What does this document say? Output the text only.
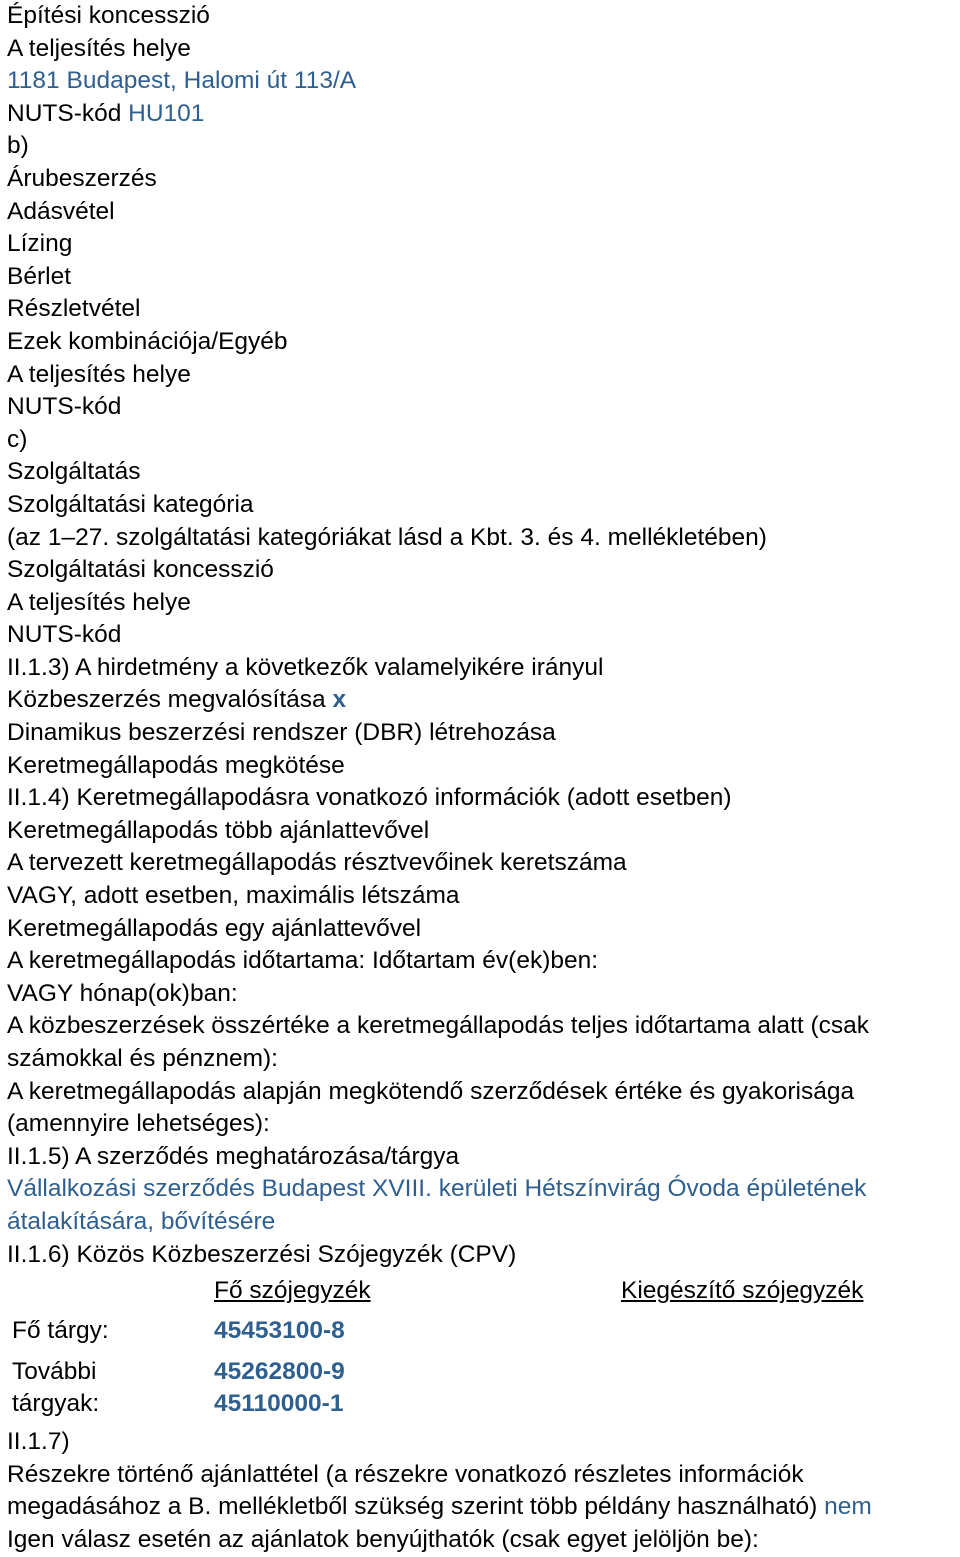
Építési koncesszió
A teljesítés helye
1181 Budapest, Halomi út 113/A
NUTS-kód HU101
b)
Árubeszerzés
Adásvétel
Lízing
Bérlet
Részletvétel
Ezek kombinációja/Egyéb
A teljesítés helye
NUTS-kód
c)
Szolgáltatás
Szolgáltatási kategória
(az 1–27. szolgáltatási kategóriákat lásd a Kbt. 3. és 4. mellékletében)
Szolgáltatási koncesszió
A teljesítés helye
NUTS-kód
II.1.3) A hirdetmény a következők valamelyikére irányul
Közbeszerzés megvalósítása x
Dinamikus beszerzési rendszer (DBR) létrehozása
Keretmegállapodás megkötése
II.1.4) Keretmegállapodásra vonatkozó információk (adott esetben)
Keretmegállapodás több ajánlattevővel
A tervezett keretmegállapodás résztvevőinek keretszáma
VAGY, adott esetben, maximális létszáma
Keretmegállapodás egy ajánlattevővel
A keretmegállapodás időtartama: Időtartam év(ek)ben:
VAGY hónap(ok)ban:
A közbeszerzések összértéke a keretmegállapodás teljes időtartama alatt (csak
számokkal és pénznem):
A keretmegállapodás alapján megkötendő szerződések értéke és gyakorisága
(amennyire lehetséges):
II.1.5) A szerződés meghatározása/tárgya
Vállalkozási szerződés Budapest XVIII. kerületi Hétszínvirág Óvoda épületének
átalakítására, bővítésére
II.1.6) Közös Közbeszerzési Szójegyzék (CPV)
Fő szójegyzék	Kiegészítő szójegyzék
Fő tárgy:	45453100-8
További	45262800-9
tárgyak:	45110000-1
II.1.7)
Részekre történő ajánlattétel (a részekre vonatkozó részletes információk
megadásához a B. mellékletből szükség szerint több példány használható) nem
Igen válasz esetén az ajánlatok benyújthatók (csak egyet jelöljön be):
